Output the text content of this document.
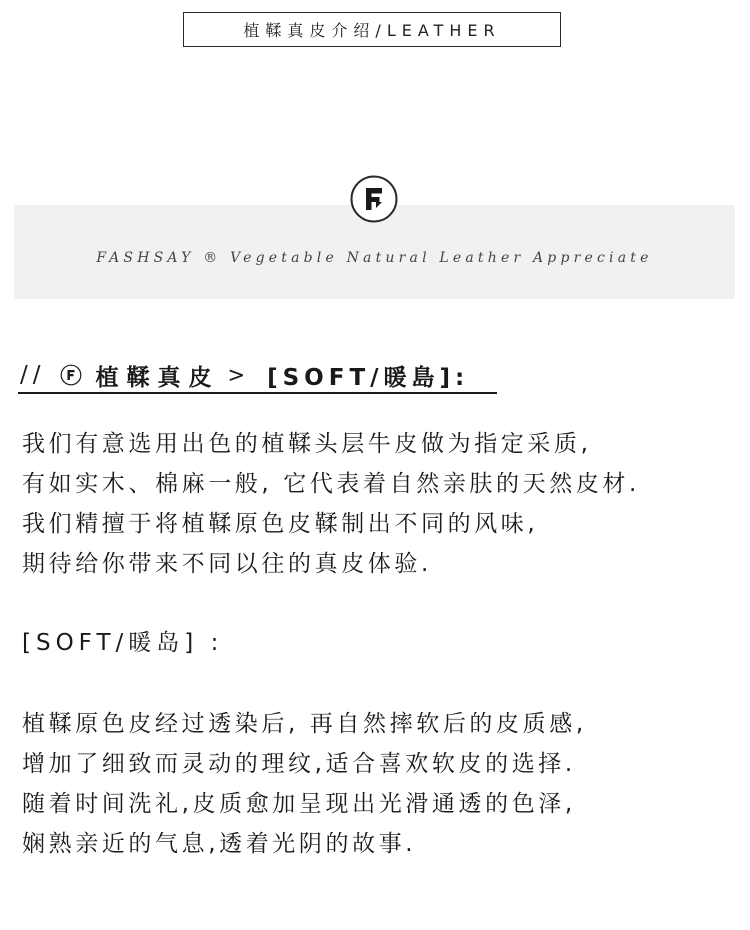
植鞣真皮介绍/LEATHER
FASHSAY ® Vegetable Natural Leather Appreciate
// 植鞣真皮 > [SOFT/暖島]:
我们有意选用出色的植鞣头层牛皮做为指定采质,
有如实木、棉麻一般, 它代表着自然亲肤的天然皮材.
我们精擅于将植鞣原色皮鞣制出不同的风味,
期待给你带来不同以往的真皮体验.
[SOFT/暖岛] :
植鞣原色皮经过透染后, 再自然摔软后的皮质感,
增加了细致而灵动的理纹,适合喜欢软皮的选择.
随着时间洗礼,皮质愈加呈现出光滑通透的色泽,
娴熟亲近的气息,透着光阴的故事.
